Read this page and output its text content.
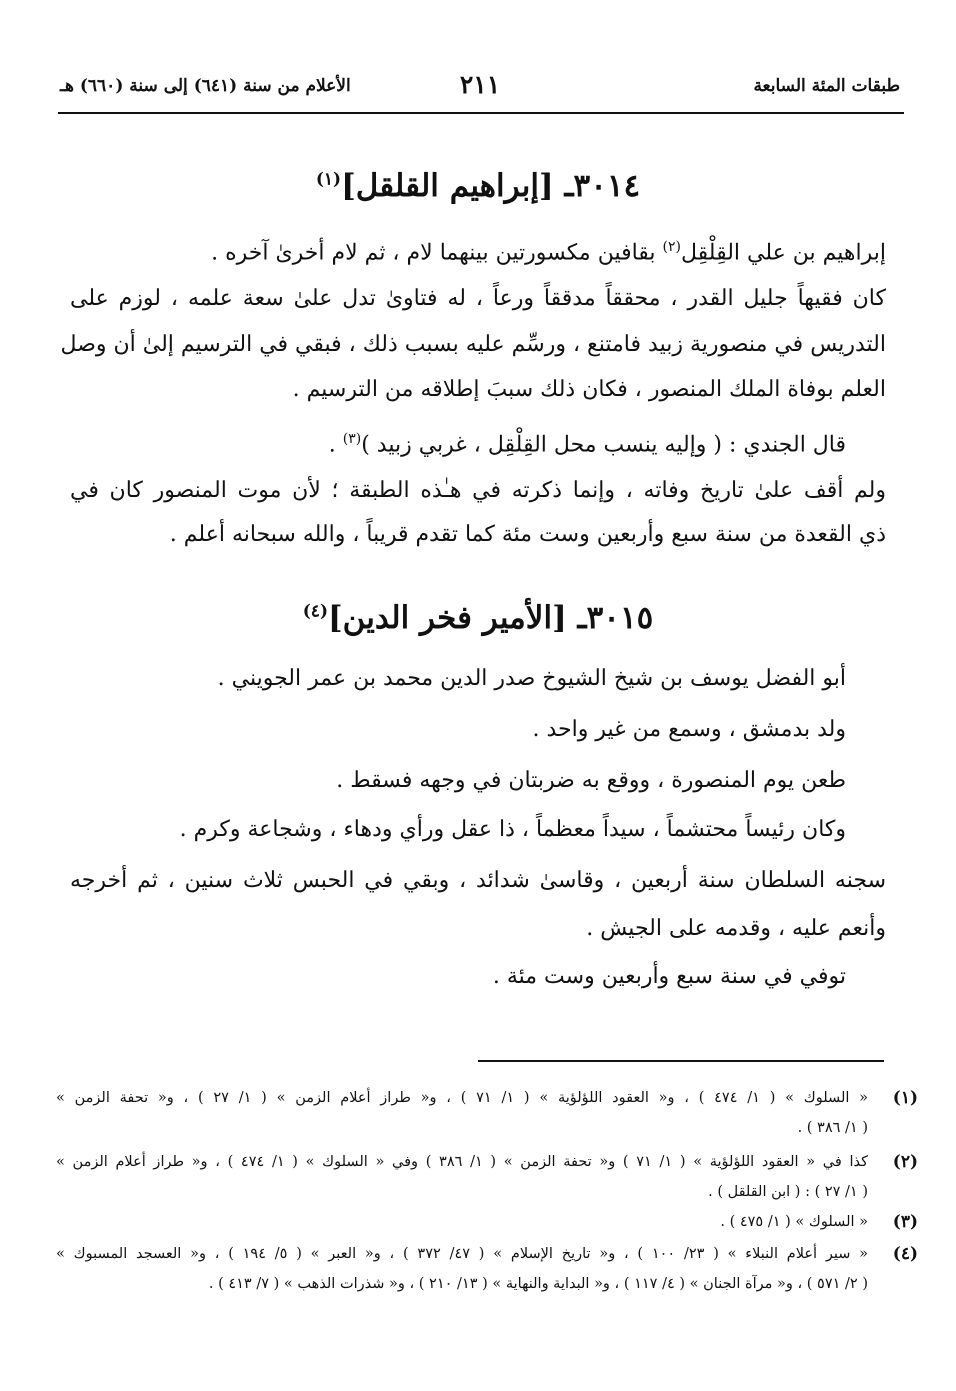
طبقات المئة السابعة
٢١١
الأعلام من سنة (٦٤١) إلى سنة (٦٦٠) هـ
٣٠١٤ـ [إبراهيم القلقل]$^{(١)}$
إبراهيم بن علي القِلْقِل$^{(٢)}$ بقافين مكسورتين بينهما لام ، ثم لام أخرىٰ آخره .
كان فقيهاً جليل القدر ، محققاً مدققاً ورعاً ، له فتاوىٰ تدل علىٰ سعة علمه ، لوزم على
التدريس في منصورية زبيد فامتنع ، ورسِّم عليه بسبب ذلك ، فبقي في الترسيم إلىٰ أن وصل
العلم بوفاة الملك المنصور ، فكان ذلك سببَ إطلاقه من الترسيم .
قال الجندي : ( وإليه ينسب محل القِلْقِل ، غربي زبيد )$^{(٣)}$ .
ولم أقف علىٰ تاريخ وفاته ، وإنما ذكرته في هـٰذه الطبقة ؛ لأن موت المنصور كان في
ذي القعدة من سنة سبع وأربعين وست مئة كما تقدم قريباً ، والله سبحانه أعلم .
٣٠١٥ـ [الأمير فخر الدين]$^{(٤)}$
أبو الفضل يوسف بن شيخ الشيوخ صدر الدين محمد بن عمر الجويني .
ولد بدمشق ، وسمع من غير واحد .
طعن يوم المنصورة ، ووقع به ضربتان في وجهه فسقط .
وكان رئيساً محتشماً ، سيداً معظماً ، ذا عقل ورأي ودهاء ، وشجاعة وكرم .
سجنه السلطان سنة أربعين ، وقاسىٰ شدائد ، وبقي في الحبس ثلاث سنين ، ثم أخرجه
وأنعم عليه ، وقدمه على الجيش .
توفي في سنة سبع وأربعين وست مئة .
(١)
« السلوك » ( ١/ ٤٧٤ ) ، و« العقود اللؤلؤية » ( ١/ ٧١ ) ، و« طراز أعلام الزمن » ( ١/ ٢٧ ) ، و« تحفة الزمن »
( ١/ ٣٨٦ ) .
(٢)
كذا في « العقود اللؤلؤية » ( ١/ ٧١ ) و« تحفة الزمن » ( ١/ ٣٨٦ ) وفي « السلوك » ( ١/ ٤٧٤ ) ، و« طراز أعلام الزمن »
( ١/ ٢٧ ) : ( ابن القلقل ) .
(٣)
« السلوك » ( ١/ ٤٧٥ ) .
(٤)
« سير أعلام النبلاء » ( ٢٣/ ١٠٠ ) ، و« تاريخ الإسلام » ( ٤٧/ ٣٧٢ ) ، و« العبر » ( ٥/ ١٩٤ ) ، و« العسجد المسبوك »
( ٢/ ٥٧١ ) ، و« مرآة الجنان » ( ٤/ ١١٧ ) ، و« البداية والنهاية » ( ١٣/ ٢١٠ ) ، و« شذرات الذهب » ( ٧/ ٤١٣ ) .
